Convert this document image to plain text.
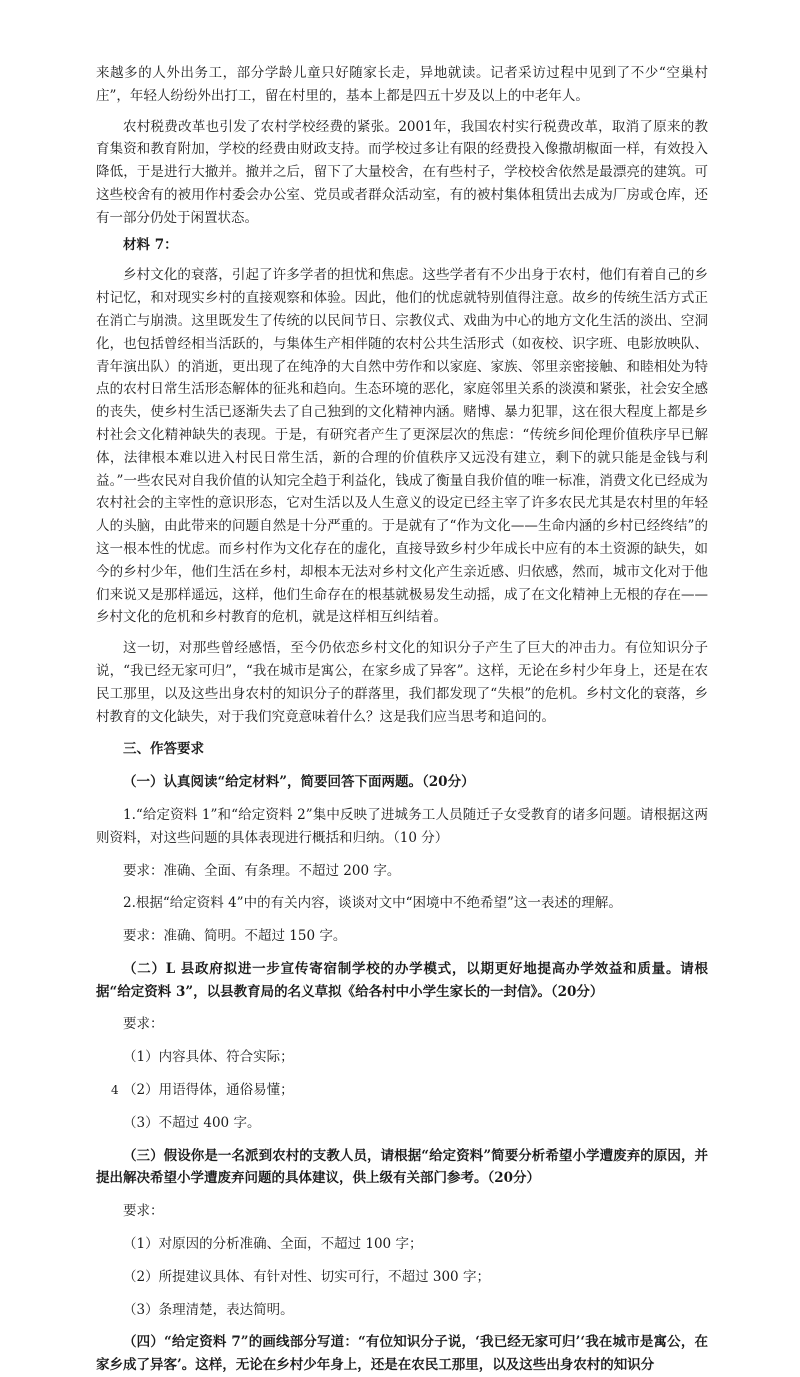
来越多的人外出务工，部分学龄儿童只好随家长走，异地就读。记者采访过程中见到了不少“空巢村庄”，年轻人纷纷外出打工，留在村里的，基本上都是四五十岁及以上的中老年人。

农村税费改革也引发了农村学校经费的紧张。2001年，我国农村实行税费改革，取消了原来的教育集资和教育附加，学校的经费由财政支持。而学校过多让有限的经费投入像撒胡椒面一样，有效投入降低，于是进行大撤并。撤并之后，留下了大量校舍，在有些村子，学校校舍依然是最漂亮的建筑。可这些校舍有的被用作村委会办公室、党员或者群众活动室，有的被村集体租赁出去成为厂房或仓库，还有一部分仍处于闲置状态。

材料 7：

乡村文化的衰落，引起了许多学者的担忧和焦虑。这些学者有不少出身于农村，他们有着自己的乡村记忆，和对现实乡村的直接观察和体验。因此，他们的忧虑就特别值得注意。故乡的传统生活方式正在消亡与崩溃。这里既发生了传统的以民间节日、宗教仪式、戏曲为中心的地方文化生活的淡出、空洞化，也包括曾经相当活跃的，与集体生产相伴随的农村公共生活形式（如夜校、识字班、电影放映队、青年演出队）的消逝，更出现了在纯净的大自然中劳作和以家庭、家族、邻里亲密接触、和睦相处为特点的农村日常生活形态解体的征兆和趋向。生态环境的恶化，家庭邻里关系的淡漠和紧张，社会安全感的丧失，使乡村生活已逐渐失去了自己独到的文化精神内涵。赌博、暴力犯罪，这在很大程度上都是乡村社会文化精神缺失的表现。于是，有研究者产生了更深层次的焦虑：“传统乡间伦理价值秩序早已解体，法律根本难以进入村民日常生活，新的合理的价值秩序又远没有建立，剩下的就只能是金钱与利益。”一些农民对自我价值的认知完全趋于利益化，钱成了衡量自我价值的唯一标准，消费文化已经成为农村社会的主宰性的意识形态，它对生活以及人生意义的设定已经主宰了许多农民尤其是农村里的年轻人的头脑，由此带来的问题自然是十分严重的。于是就有了“作为文化——生命内涵的乡村已经终结”的这一根本性的忧虑。而乡村作为文化存在的虚化，直接导致乡村少年成长中应有的本土资源的缺失，如今的乡村少年，他们生活在乡村，却根本无法对乡村文化产生亲近感、归依感，然而，城市文化对于他们来说又是那样遥远，这样，他们生命存在的根基就极易发生动摇，成了在文化精神上无根的存在——乡村文化的危机和乡村教育的危机，就是这样相互纠结着。

这一切，对那些曾经感悟，至今仍依恋乡村文化的知识分子产生了巨大的冲击力。有位知识分子说，“我已经无家可归”，“我在城市是寓公，在家乡成了异客”。这样，无论在乡村少年身上，还是在农民工那里，以及这些出身农村的知识分子的群落里，我们都发现了“失根”的危机。乡村文化的衰落，乡村教育的文化缺失，对于我们究竟意味着什么？这是我们应当思考和追问的。

三、作答要求

（一）认真阅读“给定材料”，简要回答下面两题。（20分）

1.“给定资料 1”和“给定资料 2”集中反映了进城务工人员随迁子女受教育的诸多问题。请根据这两则资料，对这些问题的具体表现进行概括和归纳。（10 分）

要求：准确、全面、有条理。不超过 200 字。

2.根据“给定资料 4”中的有关内容，谈谈对文中“困境中不绝希望”这一表述的理解。

要求：准确、简明。不超过 150 字。

（二）L 县政府拟进一步宣传寄宿制学校的办学模式，以期更好地提高办学效益和质量。请根据“给定资料 3”，以县教育局的名义草拟《给各村中小学生家长的一封信》。（20分）

要求：

（1）内容具体、符合实际；

（2）用语得体，通俗易懂；

（3）不超过 400 字。

（三）假设你是一名派到农村的支教人员，请根据“给定资料”简要分析希望小学遭废弃的原因，并提出解决希望小学遭废弃问题的具体建议，供上级有关部门参考。（20分）

要求：

（1）对原因的分析准确、全面，不超过 100 字；

（2）所提建议具体、有针对性、切实可行，不超过 300 字；

（3）条理清楚，表达简明。

（四）“给定资料 7”的画线部分写道：“有位知识分子说，‘我已经无家可归’‘我在城市是寓公，在家乡成了异客’。这样，无论在乡村少年身上，还是在农民工那里，以及这些出身农村的知识分

4
